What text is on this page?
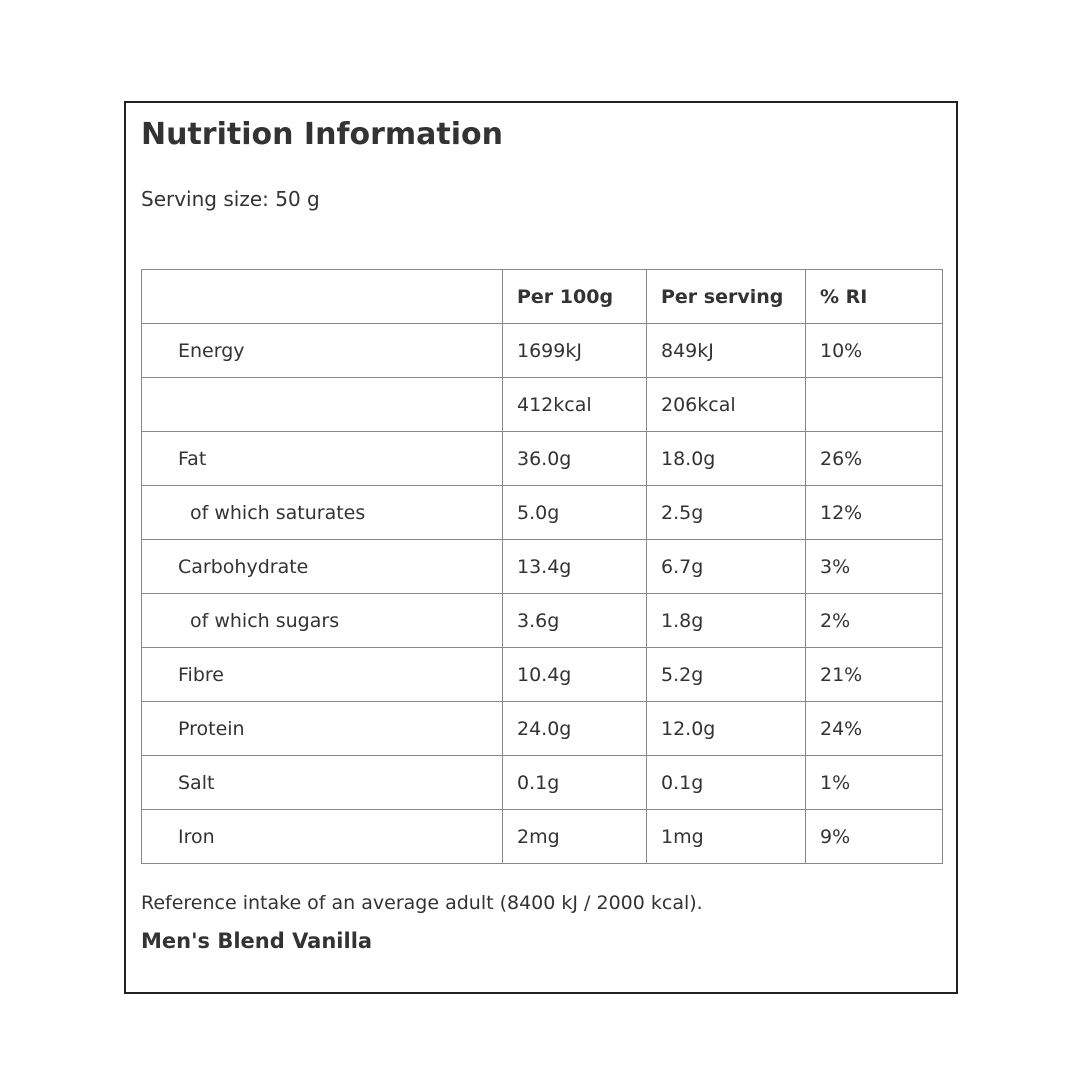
Nutrition Information
Serving size: 50 g
	Per 100g	Per serving	% RI
Energy	1699kJ	849kJ	10%
	412kcal	206kcal	
Fat	36.0g	18.0g	26%
of which saturates	5.0g	2.5g	12%
Carbohydrate	13.4g	6.7g	3%
of which sugars	3.6g	1.8g	2%
Fibre	10.4g	5.2g	21%
Protein	24.0g	12.0g	24%
Salt	0.1g	0.1g	1%
Iron	2mg	1mg	9%
Reference intake of an average adult (8400 kJ / 2000 kcal).
Men's Blend Vanilla
